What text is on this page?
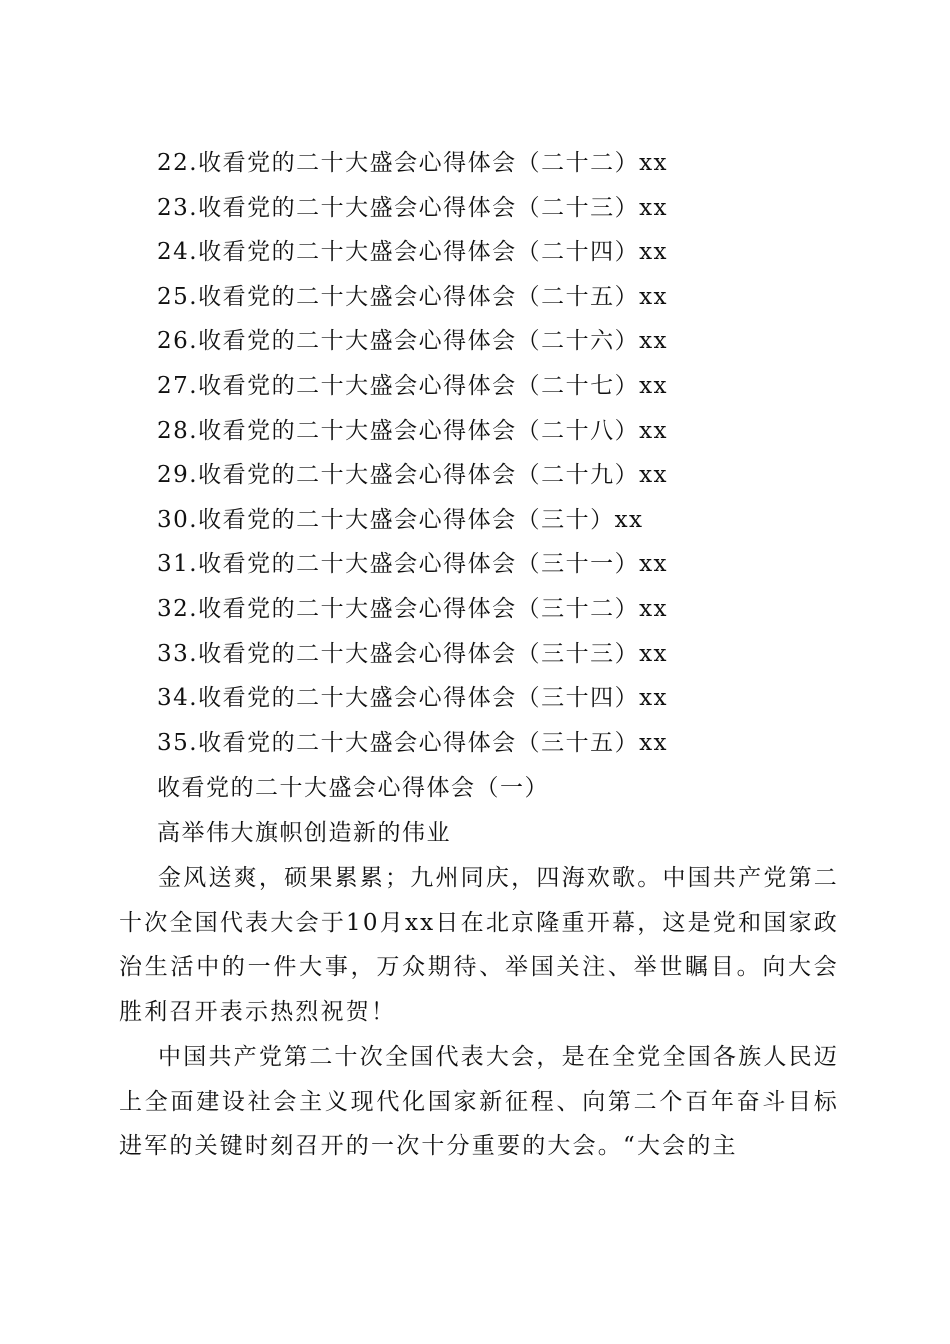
22.收看党的二十大盛会心得体会（二十二）xx
23.收看党的二十大盛会心得体会（二十三）xx
24.收看党的二十大盛会心得体会（二十四）xx
25.收看党的二十大盛会心得体会（二十五）xx
26.收看党的二十大盛会心得体会（二十六）xx
27.收看党的二十大盛会心得体会（二十七）xx
28.收看党的二十大盛会心得体会（二十八）xx
29.收看党的二十大盛会心得体会（二十九）xx
30.收看党的二十大盛会心得体会（三十）xx
31.收看党的二十大盛会心得体会（三十一）xx
32.收看党的二十大盛会心得体会（三十二）xx
33.收看党的二十大盛会心得体会（三十三）xx
34.收看党的二十大盛会心得体会（三十四）xx
35.收看党的二十大盛会心得体会（三十五）xx
收看党的二十大盛会心得体会（一）
高举伟大旗帜创造新的伟业

金风送爽，硕果累累；九州同庆，四海欢歌。中国共产党第二十次全国代表大会于10月xx日在北京隆重开幕，这是党和国家政治生活中的一件大事，万众期待、举国关注、举世瞩目。向大会胜利召开表示热烈祝贺！

中国共产党第二十次全国代表大会，是在全党全国各族人民迈上全面建设社会主义现代化国家新征程、向第二个百年奋斗目标进军的关键时刻召开的一次十分重要的大会。“大会的主
